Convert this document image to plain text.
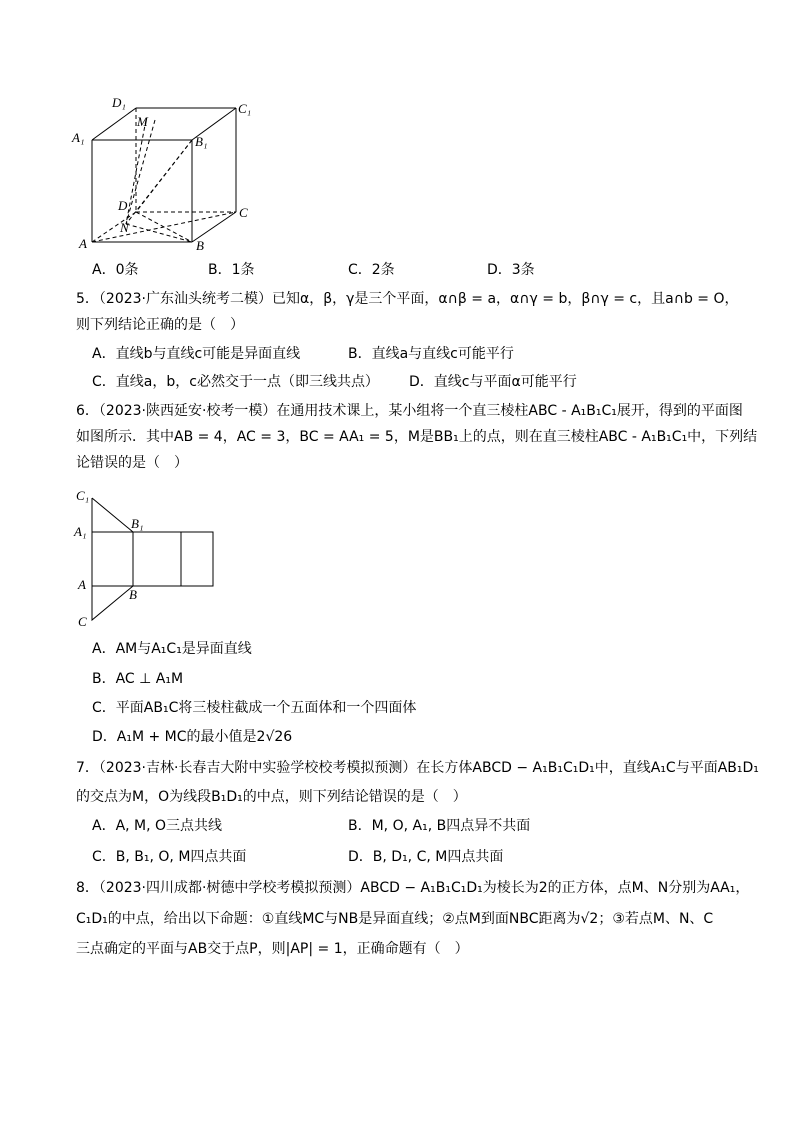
D₁	C₁
A₁	B₁
M
D	C
N
A	B
A．0条	B．1条	C．2条	D．3条
5．（2023·广东汕头统考二模）已知α，β，γ是三个平面，α∩β = a，α∩γ = b，β∩γ = c，且a∩b = O，
则下列结论正确的是（　）
A．直线b与直线c可能是异面直线	B．直线a与直线c可能平行
C．直线a，b，c必然交于一点（即三线共点） D．直线c与平面α可能平行
6．（2023·陕西延安·校考一模）在通用技术课上，某小组将一个直三棱柱ABC - A₁B₁C₁展开，得到的平面图
如图所示．其中AB = 4，AC = 3，BC = AA₁ = 5，M是BB₁上的点，则在直三棱柱ABC - A₁B₁C₁中，下列结
论错误的是（　）
C₁
A₁
B₁
A
B
C
A．AM与A₁C₁是异面直线
B．AC ⊥ A₁M
C．平面AB₁C将三棱柱截成一个五面体和一个四面体
D．A₁M + MC的最小值是2√26
7．（2023·吉林·长春吉大附中实验学校校考模拟预测）在长方体ABCD − A₁B₁C₁D₁中，直线A₁C与平面AB₁D₁
的交点为M，O为线段B₁D₁的中点，则下列结论错误的是（　）
A．A, M, O三点共线	B．M, O, A₁, B四点异不共面
C．B, B₁, O, M四点共面	D．B, D₁, C, M四点共面
8．（2023·四川成都·树德中学校考模拟预测）ABCD − A₁B₁C₁D₁为棱长为2的正方体，点M、N分别为AA₁，
C₁D₁的中点，给出以下命题：①直线MC与NB是异面直线；②点M到面NBC距离为√2；③若点M、N、C
三点确定的平面与AB交于点P，则|AP| = 1，正确命题有（　）
